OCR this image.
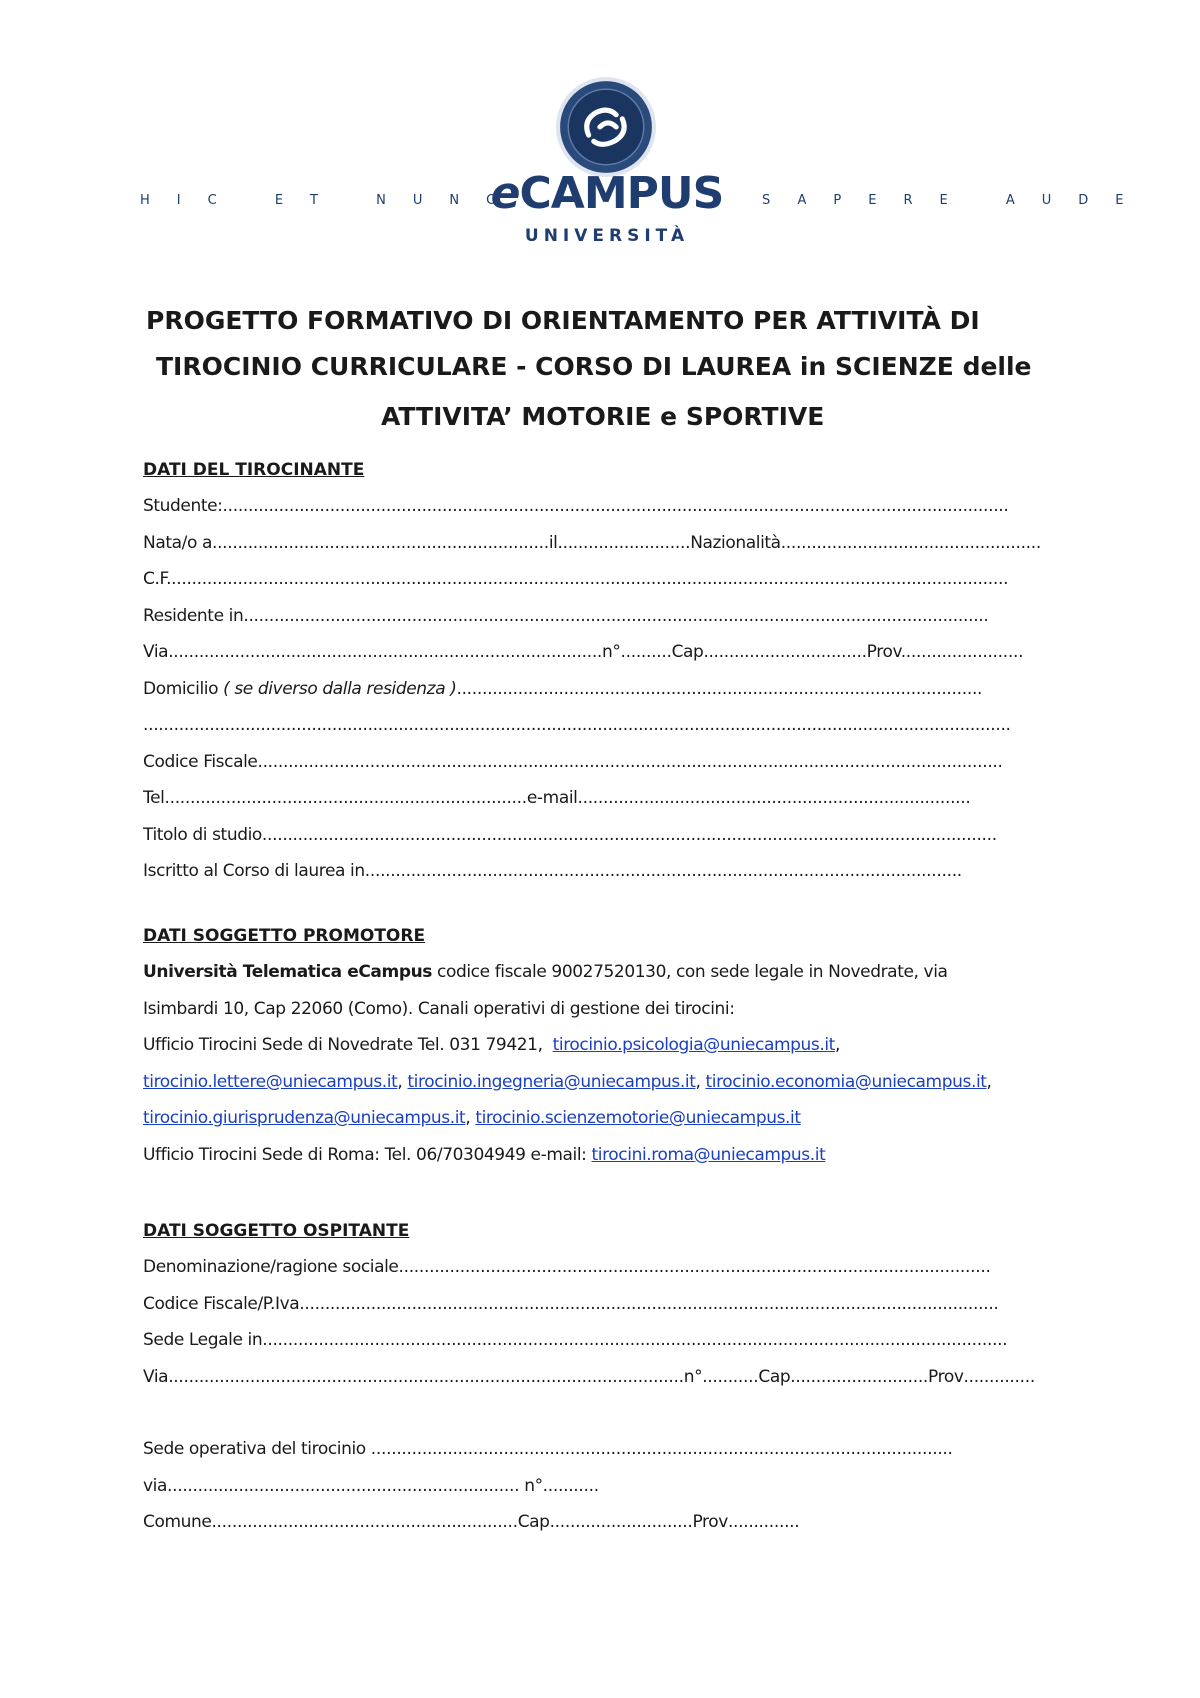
HIC ET NUNC
eCAMPUS
UNIVERSITÀ
SAPERE AUDE
PROGETTO FORMATIVO DI ORIENTAMENTO PER ATTIVITÀ DI
TIROCINIO CURRICULARE - CORSO DI LAUREA in SCIENZE delle
ATTIVITA’ MOTORIE e SPORTIVE
DATI DEL TIROCINANTE
Studente:..........................................................................................................................................................
Nata/o a..................................................................il..........................Nazionalità...................................................
C.F.....................................................................................................................................................................
Residente in..................................................................................................................................................
Via.....................................................................................n°..........Cap................................Prov........................
Domicilio ( se diverso dalla residenza ).......................................................................................................
..........................................................................................................................................................................
Codice Fiscale..................................................................................................................................................
Tel.......................................................................e-mail.............................................................................
Titolo di studio................................................................................................................................................
Iscritto al Corso di laurea in.....................................................................................................................
DATI SOGGETTO PROMOTORE
Università Telematica eCampus codice fiscale 90027520130, con sede legale in Novedrate, via
Isimbardi 10, Cap 22060 (Como). Canali operativi di gestione dei tirocini:
Ufficio Tirocini Sede di Novedrate Tel. 031 79421, tirocinio.psicologia@uniecampus.it,
tirocinio.lettere@uniecampus.it, tirocinio.ingegneria@uniecampus.it, tirocinio.economia@uniecampus.it,
tirocinio.giurisprudenza@uniecampus.it, tirocinio.scienzemotorie@uniecampus.it
Ufficio Tirocini Sede di Roma: Tel. 06/70304949 e-mail: tirocini.roma@uniecampus.it
DATI SOGGETTO OSPITANTE
Denominazione/ragione sociale....................................................................................................................
Codice Fiscale/P.Iva.........................................................................................................................................
Sede Legale in..................................................................................................................................................
Via.....................................................................................................n°...........Cap...........................Prov..............
Sede operativa del tirocinio ..................................................................................................................
via..................................................................... n°...........
Comune............................................................Cap............................Prov..............
